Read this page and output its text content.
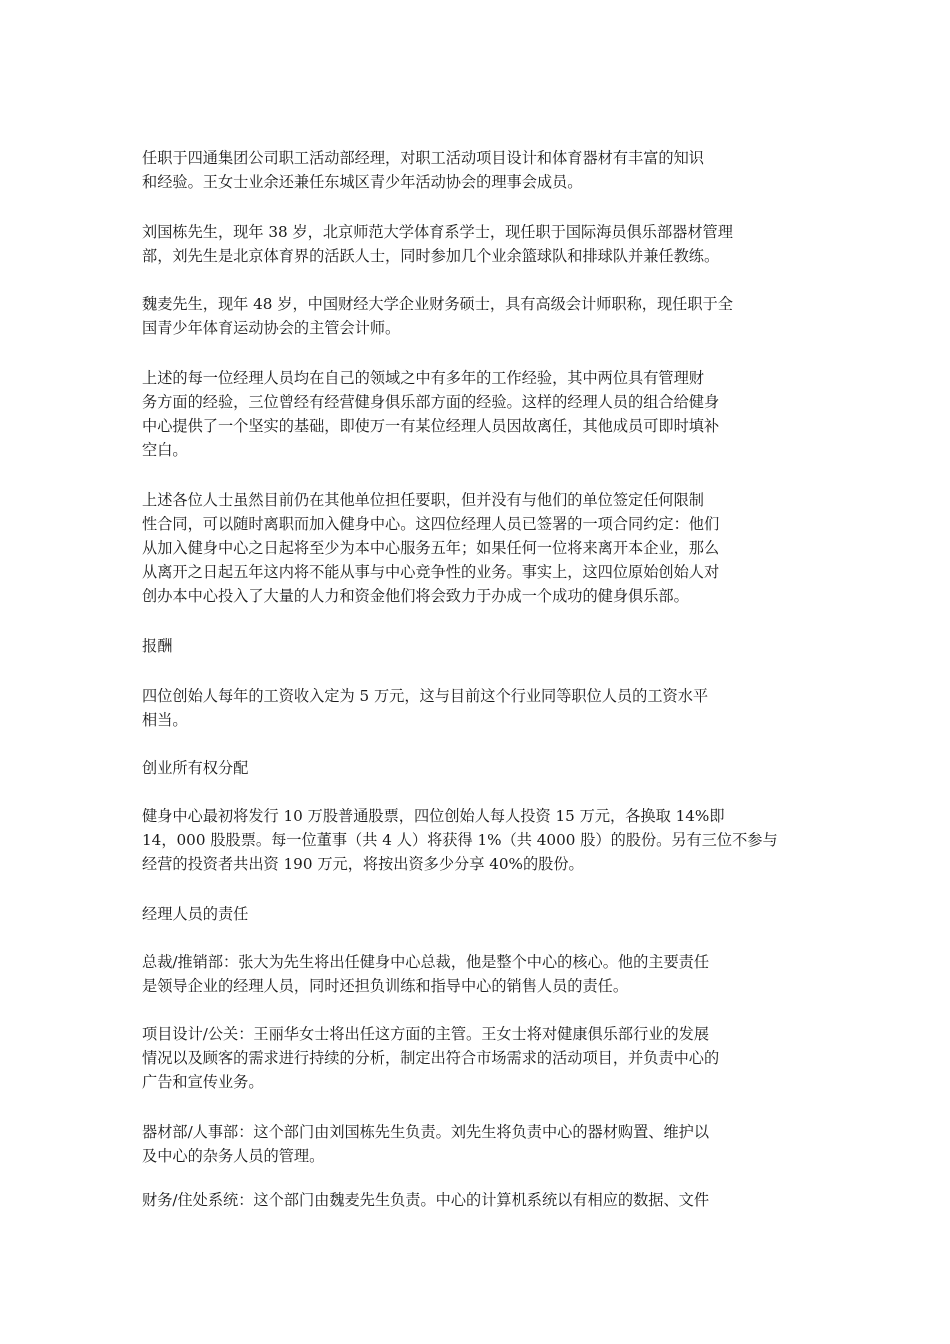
任职于四通集团公司职工活动部经理，对职工活动项目设计和体育器材有丰富的知识
和经验。王女士业余还兼任东城区青少年活动协会的理事会成员。

刘国栋先生，现年 38 岁，北京师范大学体育系学士，现任职于国际海员俱乐部器材管理
部，刘先生是北京体育界的活跃人士，同时参加几个业余篮球队和排球队并兼任教练。

魏麦先生，现年 48 岁，中国财经大学企业财务硕士，具有高级会计师职称，现任职于全
国青少年体育运动协会的主管会计师。

上述的每一位经理人员均在自己的领域之中有多年的工作经验，其中两位具有管理财
务方面的经验，三位曾经有经营健身俱乐部方面的经验。这样的经理人员的组合给健身
中心提供了一个坚实的基础，即使万一有某位经理人员因故离任，其他成员可即时填补
空白。

上述各位人士虽然目前仍在其他单位担任要职，但并没有与他们的单位签定任何限制
性合同，可以随时离职而加入健身中心。这四位经理人员已签署的一项合同约定：他们
从加入健身中心之日起将至少为本中心服务五年；如果任何一位将来离开本企业，那么
从离开之日起五年这内将不能从事与中心竞争性的业务。事实上，这四位原始创始人对
创办本中心投入了大量的人力和资金他们将会致力于办成一个成功的健身俱乐部。

报酬

四位创始人每年的工资收入定为 5 万元，这与目前这个行业同等职位人员的工资水平
相当。

创业所有权分配

健身中心最初将发行 10 万股普通股票，四位创始人每人投资 15 万元，各换取 14%即
14，000 股股票。每一位董事（共 4 人）将获得 1%（共 4000 股）的股份。另有三位不参与
经营的投资者共出资 190 万元，将按出资多少分享 40%的股份。

经理人员的责任

总裁/推销部：张大为先生将出任健身中心总裁，他是整个中心的核心。他的主要责任
是领导企业的经理人员，同时还担负训练和指导中心的销售人员的责任。

项目设计/公关：王丽华女士将出任这方面的主管。王女士将对健康俱乐部行业的发展
情况以及顾客的需求进行持续的分析，制定出符合市场需求的活动项目，并负责中心的
广告和宣传业务。

器材部/人事部：这个部门由刘国栋先生负责。刘先生将负责中心的器材购置、维护以
及中心的杂务人员的管理。

财务/住处系统：这个部门由魏麦先生负责。中心的计算机系统以有相应的数据、文件
